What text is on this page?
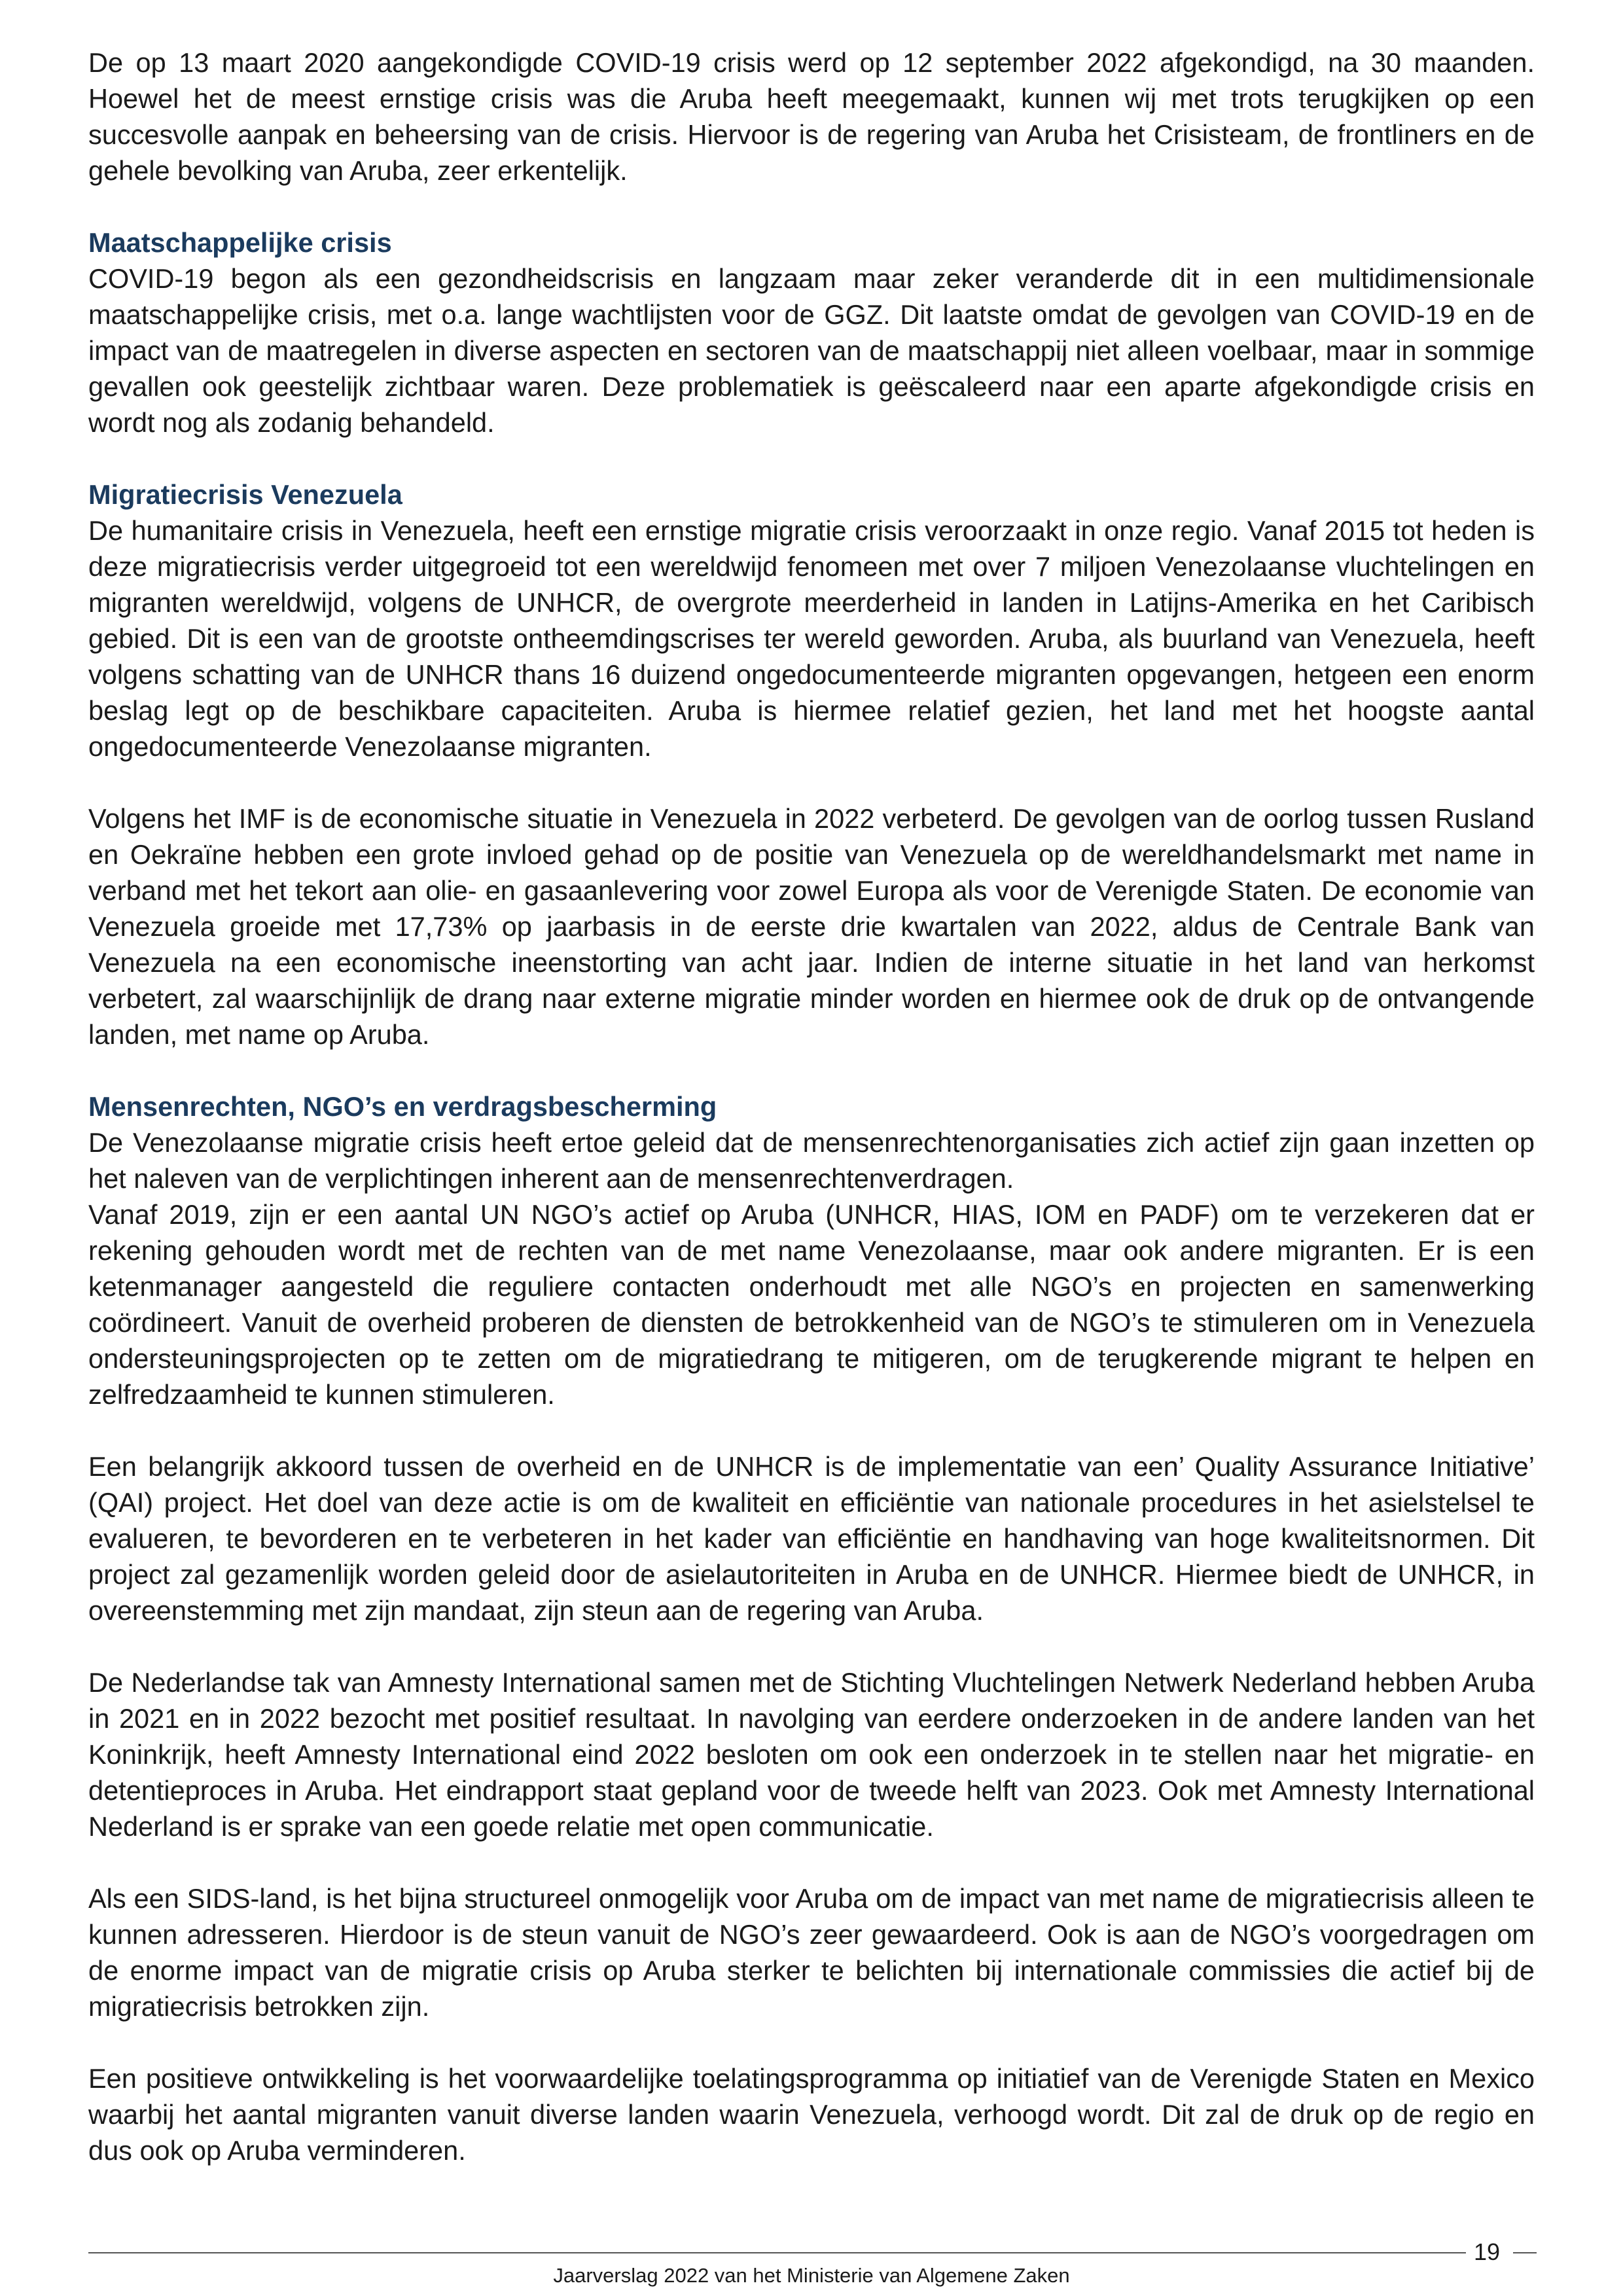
De op 13 maart 2020 aangekondigde COVID-19 crisis werd op 12 september 2022 afgekondigd, na 30 maanden. Hoewel het de meest ernstige crisis was die Aruba heeft meegemaakt, kunnen wij met trots terugkijken op een succesvolle aanpak en beheersing van de crisis. Hiervoor is de regering van Aruba het Crisisteam, de frontliners en de gehele bevolking van Aruba, zeer erkentelijk.

Maatschappelijke crisis

COVID-19 begon als een gezondheidscrisis en langzaam maar zeker veranderde dit in een multidimensionale maatschappelijke crisis, met o.a. lange wachtlijsten voor de GGZ. Dit laatste omdat de gevolgen van COVID-19 en de impact van de maatregelen in diverse aspecten en sectoren van de maatschappij niet alleen voelbaar, maar in sommige gevallen ook geestelijk zichtbaar waren. Deze problematiek is geëscaleerd naar een aparte afgekondigde crisis en wordt nog als zodanig behandeld.

Migratiecrisis Venezuela

De humanitaire crisis in Venezuela, heeft een ernstige migratie crisis veroorzaakt in onze regio. Vanaf 2015 tot heden is deze migratiecrisis verder uitgegroeid tot een wereldwijd fenomeen met over 7 miljoen Venezolaanse vluchtelingen en migranten wereldwijd, volgens de UNHCR, de overgrote meerderheid in landen in Latijns-Amerika en het Caribisch gebied. Dit is een van de grootste ontheemdingscrises ter wereld geworden. Aruba, als buurland van Venezuela, heeft volgens schatting van de UNHCR thans 16 duizend ongedocumenteerde migranten opgevangen, hetgeen een enorm beslag legt op de beschikbare capaciteiten. Aruba is hiermee relatief gezien, het land met het hoogste aantal ongedocumenteerde Venezolaanse migranten.

Volgens het IMF is de economische situatie in Venezuela in 2022 verbeterd. De gevolgen van de oorlog tussen Rusland en Oekraïne hebben een grote invloed gehad op de positie van Venezuela op de wereldhandelsmarkt met name in verband met het tekort aan olie- en gasaanlevering voor zowel Europa als voor de Verenigde Staten. De economie van Venezuela groeide met 17,73% op jaarbasis in de eerste drie kwartalen van 2022, aldus de Centrale Bank van Venezuela na een economische ineenstorting van acht jaar. Indien de interne situatie in het land van herkomst verbetert, zal waarschijnlijk de drang naar externe migratie minder worden en hiermee ook de druk op de ontvangende landen, met name op Aruba.

Mensenrechten, NGO’s en verdragsbescherming

De Venezolaanse migratie crisis heeft ertoe geleid dat de mensenrechtenorganisaties zich actief zijn gaan inzetten op het naleven van de verplichtingen inherent aan de mensenrechtenverdragen.

Vanaf 2019, zijn er een aantal UN NGO’s actief op Aruba (UNHCR, HIAS, IOM en PADF) om te verzekeren dat er rekening gehouden wordt met de rechten van de met name Venezolaanse, maar ook andere migranten. Er is een ketenmanager aangesteld die reguliere contacten onderhoudt met alle NGO’s en projecten en samenwerking coördineert. Vanuit de overheid proberen de diensten de betrokkenheid van de NGO’s te stimuleren om in Venezuela ondersteuningsprojecten op te zetten om de migratiedrang te mitigeren, om de terugkerende migrant te helpen en zelfredzaamheid te kunnen stimuleren.

Een belangrijk akkoord tussen de overheid en de UNHCR is de implementatie van een’ Quality Assurance Initiative’ (QAI) project. Het doel van deze actie is om de kwaliteit en efficiëntie van nationale procedures in het asielstelsel te evalueren, te bevorderen en te verbeteren in het kader van efficiëntie en handhaving van hoge kwaliteitsnormen. Dit project zal gezamenlijk worden geleid door de asielautoriteiten in Aruba en de UNHCR. Hiermee biedt de UNHCR, in overeenstemming met zijn mandaat, zijn steun aan de regering van Aruba.

De Nederlandse tak van Amnesty International samen met de Stichting Vluchtelingen Netwerk Nederland hebben Aruba in 2021 en in 2022 bezocht met positief resultaat. In navolging van eerdere onderzoeken in de andere landen van het Koninkrijk, heeft Amnesty International eind 2022 besloten om ook een onderzoek in te stellen naar het migratie- en detentieproces in Aruba. Het eindrapport staat gepland voor de tweede helft van 2023. Ook met Amnesty International Nederland is er sprake van een goede relatie met open communicatie.

Als een SIDS-land, is het bijna structureel onmogelijk voor Aruba om de impact van met name de migratiecrisis alleen te kunnen adresseren. Hierdoor is de steun vanuit de NGO’s zeer gewaardeerd. Ook is aan de NGO’s voorgedragen om de enorme impact van de migratie crisis op Aruba sterker te belichten bij internationale commissies die actief bij de migratiecrisis betrokken zijn.

Een positieve ontwikkeling is het voorwaardelijke toelatingsprogramma op initiatief van de Verenigde Staten en Mexico waarbij het aantal migranten vanuit diverse landen waarin Venezuela, verhoogd wordt. Dit zal de druk op de regio en dus ook op Aruba verminderen.

19
Jaarverslag 2022 van het Ministerie van Algemene Zaken
